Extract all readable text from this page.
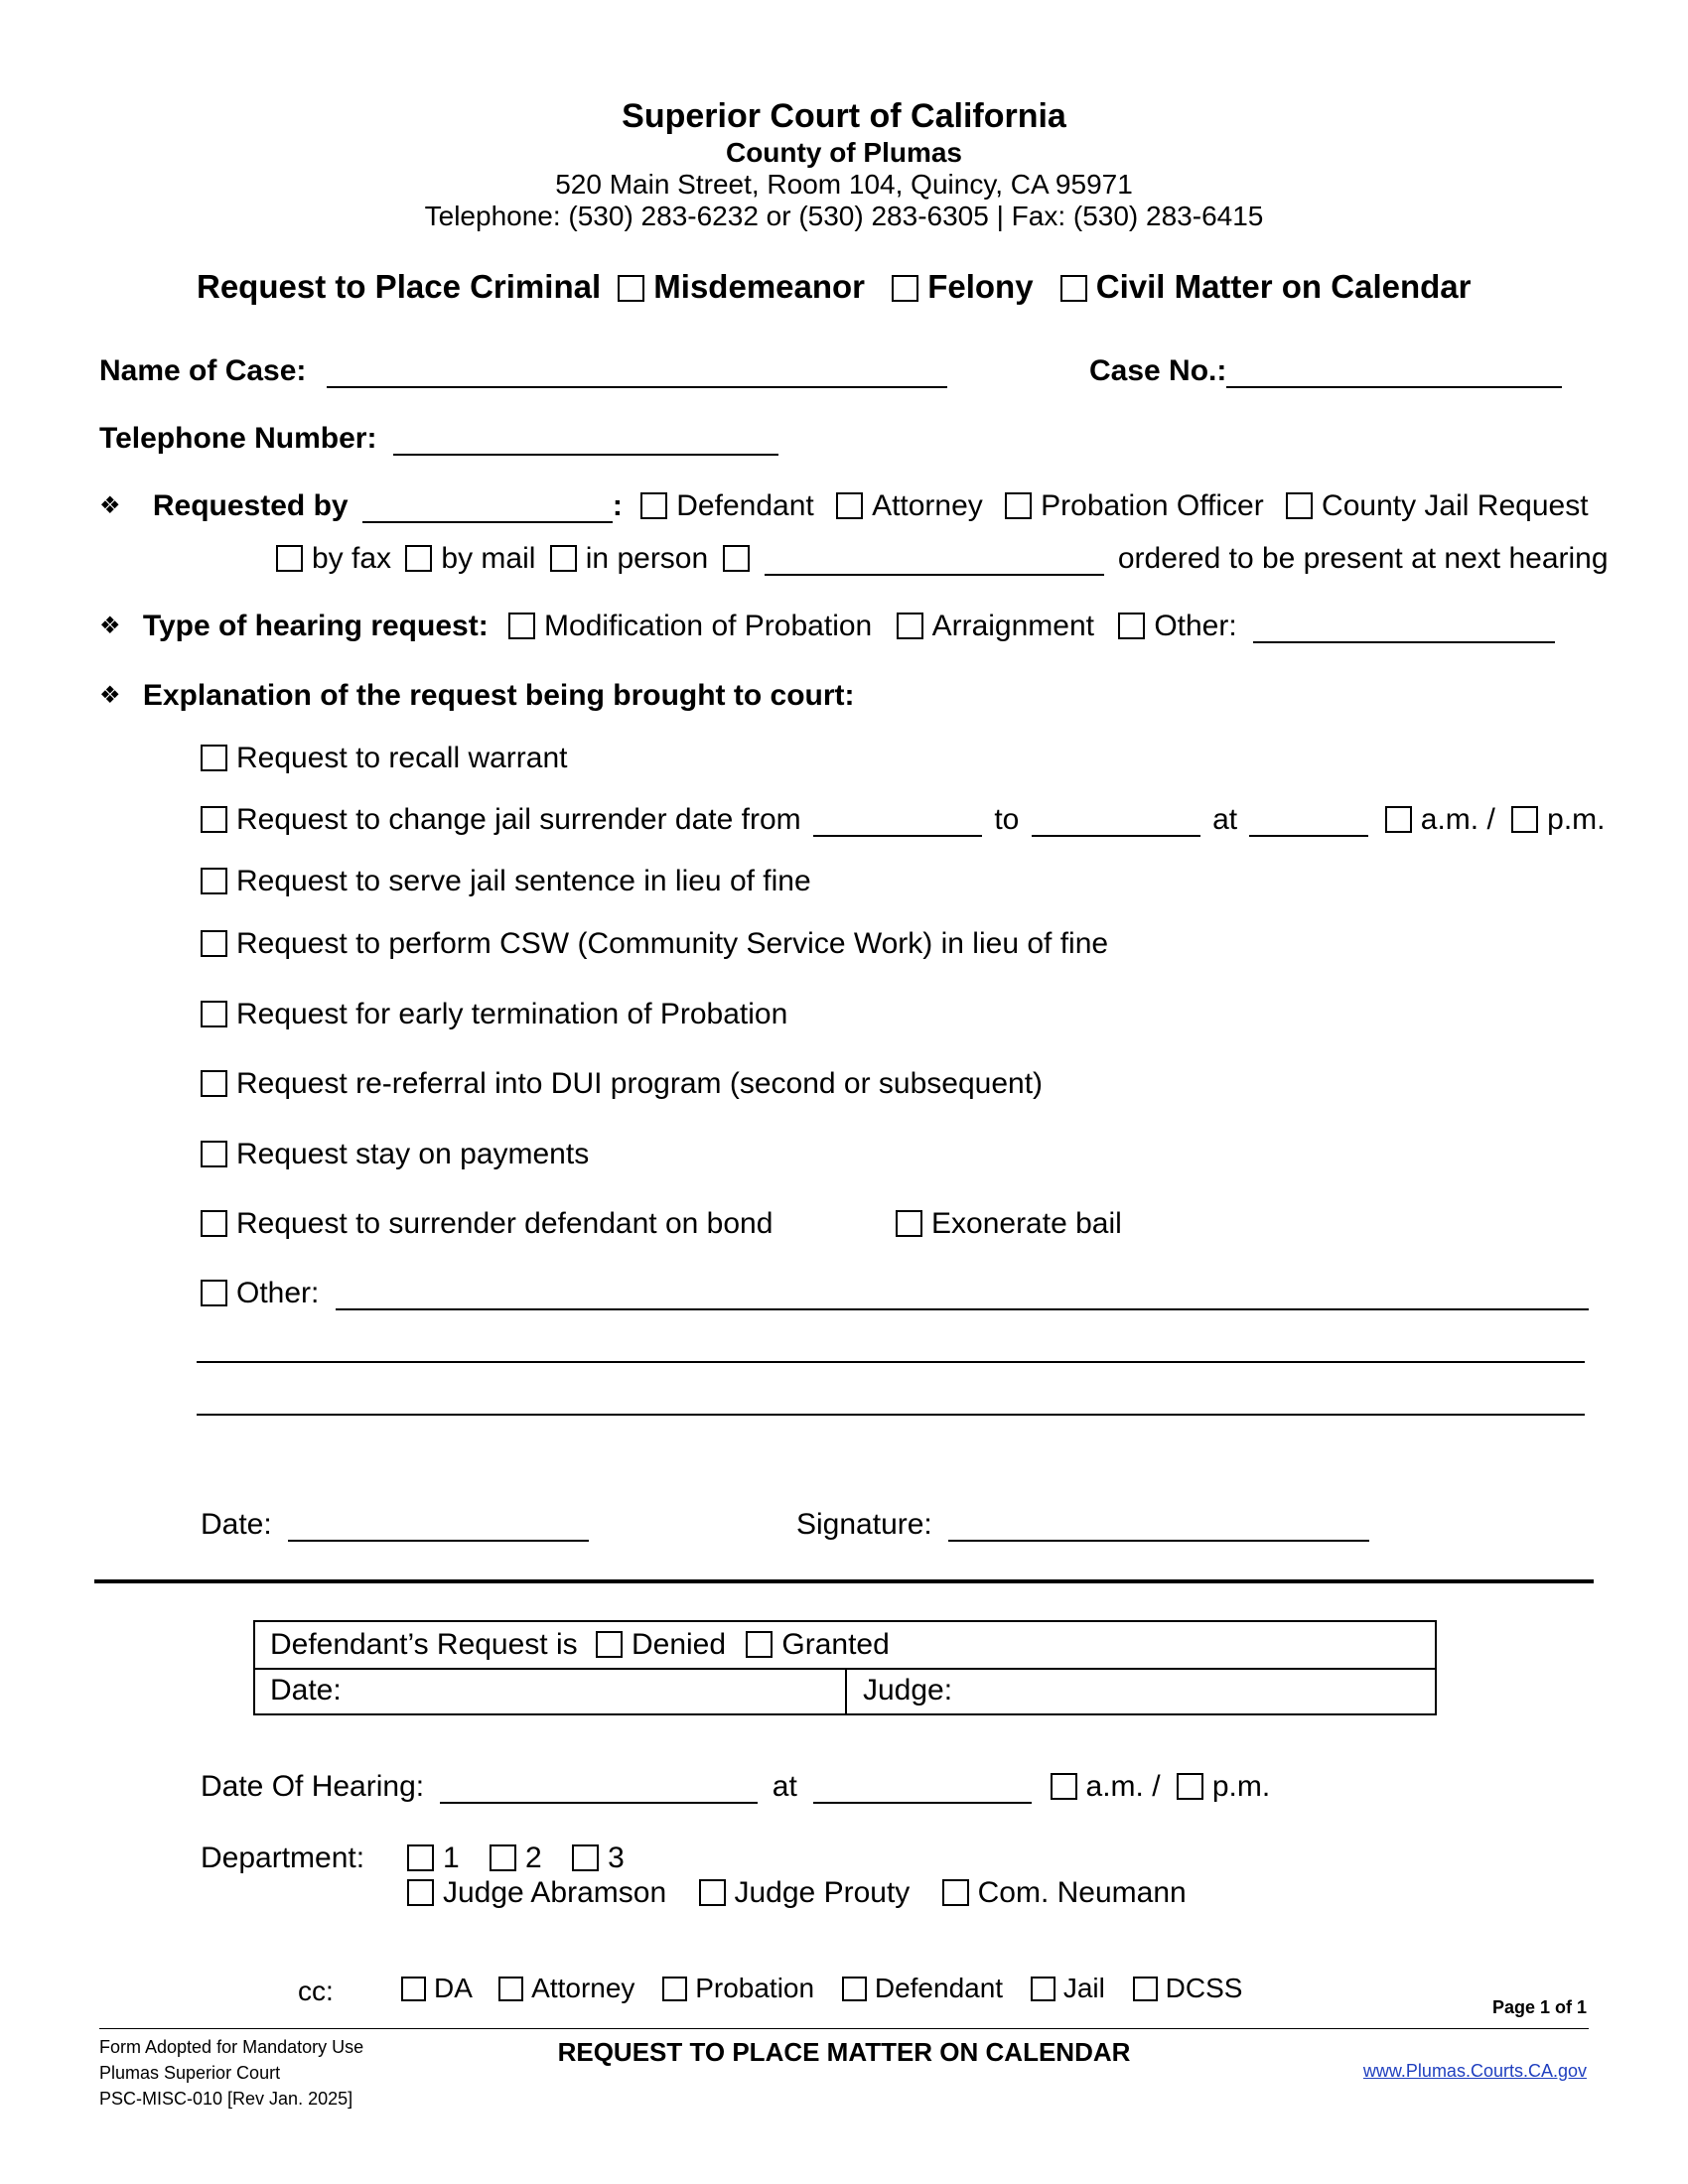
Superior Court of California
County of Plumas
520 Main Street, Room 104, Quincy, CA 95971
Telephone: (530) 283-6232 or (530) 283-6305 | Fax: (530) 283-6415
Request to Place Criminal Misdemeanor Felony Civil Matter on Calendar
Name of Case:	Case No.:
Telephone Number:
❖ Requested by	: Defendant Attorney Probation Officer County Jail Request
by fax by mail in person	ordered to be present at next hearing
❖ Type of hearing request: Modification of Probation Arraignment Other:
❖ Explanation of the request being brought to court:
Request to recall warrant
Request to change jail surrender date from	to	at	a.m. / p.m.
Request to serve jail sentence in lieu of fine
Request to perform CSW (Community Service Work) in lieu of fine
Request for early termination of Probation
Request re-referral into DUI program (second or subsequent)
Request stay on payments
Request to surrender defendant on bond	Exonerate bail
Other:
Date:	Signature:
Defendant’s Request is Denied Granted
Date:	Judge:
Date Of Hearing:	at	a.m. / p.m.
Department:	1 2 3
Judge Abramson Judge Prouty Com. Neumann
cc:	DA Attorney Probation Defendant Jail DCSS
Page 1 of 1
Form Adopted for Mandatory Use
Plumas Superior Court
PSC-MISC-010 [Rev Jan. 2025]
REQUEST TO PLACE MATTER ON CALENDAR
www.Plumas.Courts.CA.gov
